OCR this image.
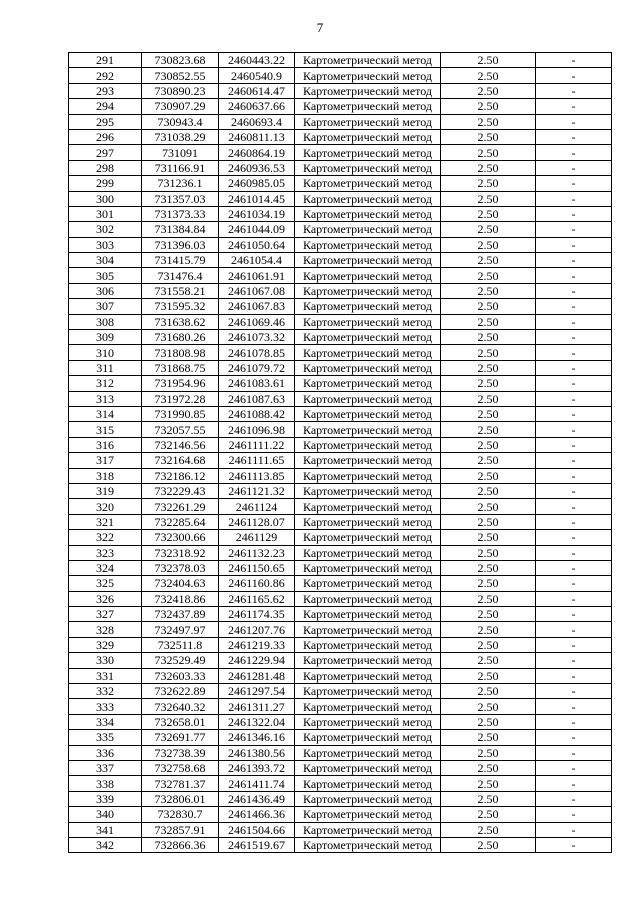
7
291	730823.68	2460443.22	Картометрический метод	2.50	-
292	730852.55	2460540.9	Картометрический метод	2.50	-
293	730890.23	2460614.47	Картометрический метод	2.50	-
294	730907.29	2460637.66	Картометрический метод	2.50	-
295	730943.4	2460693.4	Картометрический метод	2.50	-
296	731038.29	2460811.13	Картометрический метод	2.50	-
297	731091	2460864.19	Картометрический метод	2.50	-
298	731166.91	2460936.53	Картометрический метод	2.50	-
299	731236.1	2460985.05	Картометрический метод	2.50	-
300	731357.03	2461014.45	Картометрический метод	2.50	-
301	731373.33	2461034.19	Картометрический метод	2.50	-
302	731384.84	2461044.09	Картометрический метод	2.50	-
303	731396.03	2461050.64	Картометрический метод	2.50	-
304	731415.79	2461054.4	Картометрический метод	2.50	-
305	731476.4	2461061.91	Картометрический метод	2.50	-
306	731558.21	2461067.08	Картометрический метод	2.50	-
307	731595.32	2461067.83	Картометрический метод	2.50	-
308	731638.62	2461069.46	Картометрический метод	2.50	-
309	731680.26	2461073.32	Картометрический метод	2.50	-
310	731808.98	2461078.85	Картометрический метод	2.50	-
311	731868.75	2461079.72	Картометрический метод	2.50	-
312	731954.96	2461083.61	Картометрический метод	2.50	-
313	731972.28	2461087.63	Картометрический метод	2.50	-
314	731990.85	2461088.42	Картометрический метод	2.50	-
315	732057.55	2461096.98	Картометрический метод	2.50	-
316	732146.56	2461111.22	Картометрический метод	2.50	-
317	732164.68	2461111.65	Картометрический метод	2.50	-
318	732186.12	2461113.85	Картометрический метод	2.50	-
319	732229.43	2461121.32	Картометрический метод	2.50	-
320	732261.29	2461124	Картометрический метод	2.50	-
321	732285.64	2461128.07	Картометрический метод	2.50	-
322	732300.66	2461129	Картометрический метод	2.50	-
323	732318.92	2461132.23	Картометрический метод	2.50	-
324	732378.03	2461150.65	Картометрический метод	2.50	-
325	732404.63	2461160.86	Картометрический метод	2.50	-
326	732418.86	2461165.62	Картометрический метод	2.50	-
327	732437.89	2461174.35	Картометрический метод	2.50	-
328	732497.97	2461207.76	Картометрический метод	2.50	-
329	732511.8	2461219.33	Картометрический метод	2.50	-
330	732529.49	2461229.94	Картометрический метод	2.50	-
331	732603.33	2461281.48	Картометрический метод	2.50	-
332	732622.89	2461297.54	Картометрический метод	2.50	-
333	732640.32	2461311.27	Картометрический метод	2.50	-
334	732658.01	2461322.04	Картометрический метод	2.50	-
335	732691.77	2461346.16	Картометрический метод	2.50	-
336	732738.39	2461380.56	Картометрический метод	2.50	-
337	732758.68	2461393.72	Картометрический метод	2.50	-
338	732781.37	2461411.74	Картометрический метод	2.50	-
339	732806.01	2461436.49	Картометрический метод	2.50	-
340	732830.7	2461466.36	Картометрический метод	2.50	-
341	732857.91	2461504.66	Картометрический метод	2.50	-
342	732866.36	2461519.67	Картометрический метод	2.50	-
